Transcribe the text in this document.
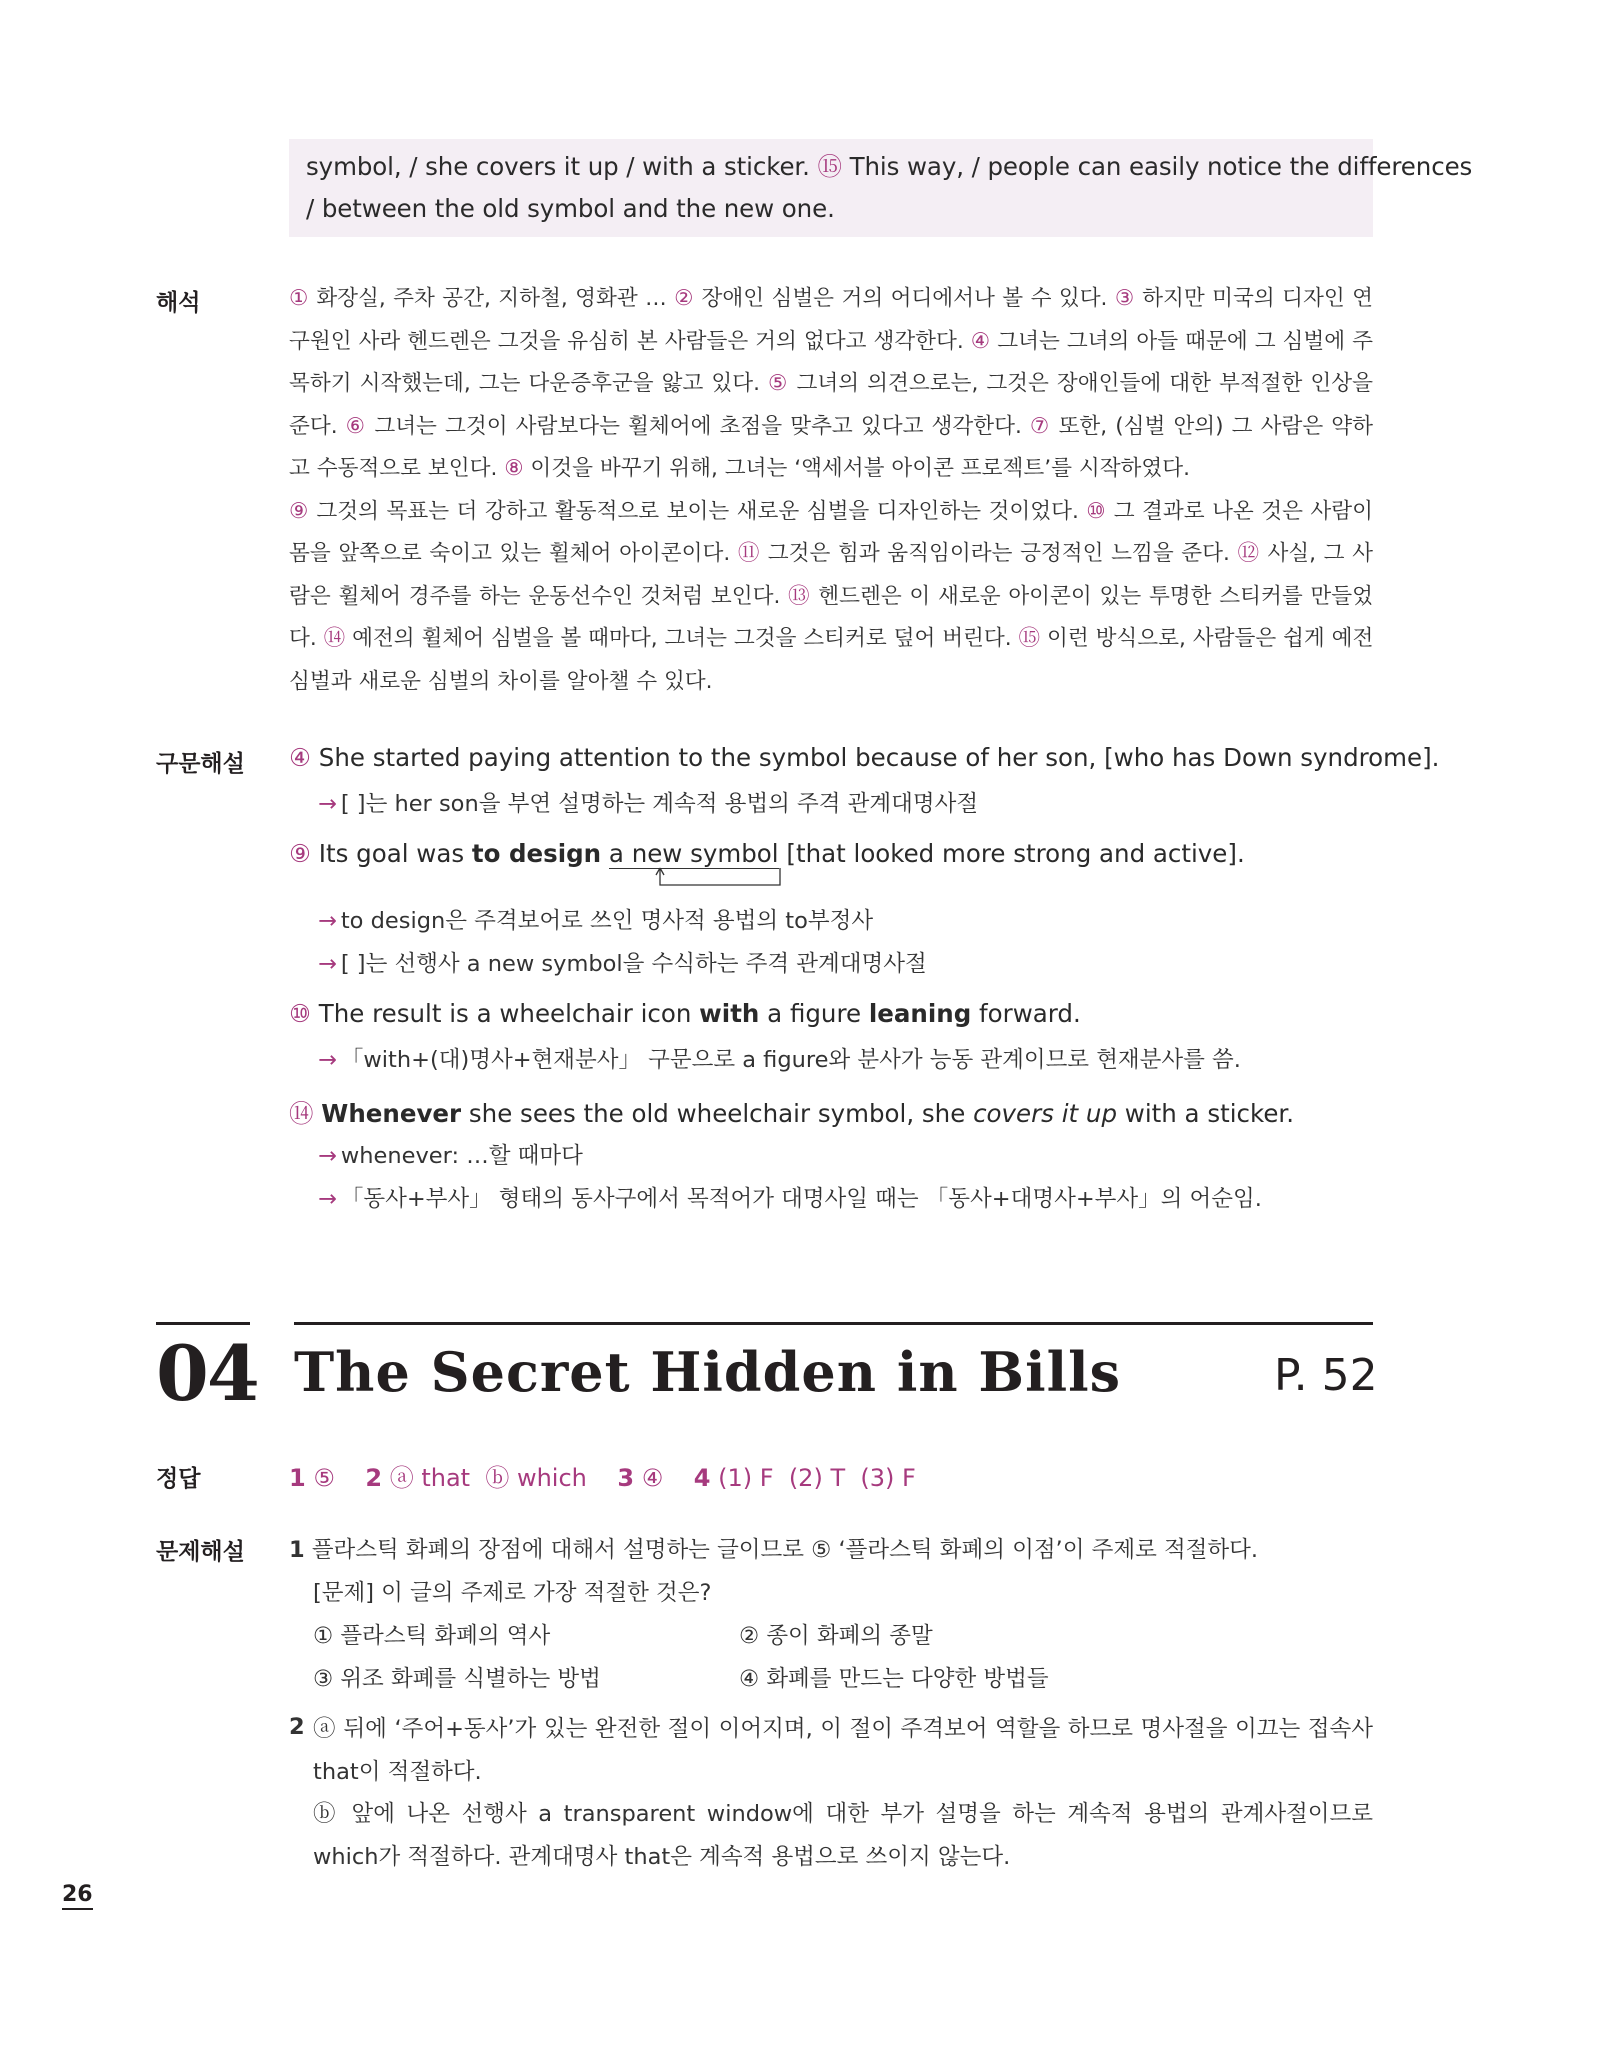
symbol, / she covers it up / with a sticker. ⑮ This way, / people can easily notice the differences
/ between the old symbol and the new one.
해석	① 화장실, 주차 공간, 지하철, 영화관 … ② 장애인 심벌은 거의 어디에서나 볼 수 있다. ③ 하지만 미국의 디자인 연
구원인 사라 헨드렌은 그것을 유심히 본 사람들은 거의 없다고 생각한다. ④ 그녀는 그녀의 아들 때문에 그 심벌에 주
목하기 시작했는데, 그는 다운증후군을 앓고 있다. ⑤ 그녀의 의견으로는, 그것은 장애인들에 대한 부적절한 인상을
준다. ⑥ 그녀는 그것이 사람보다는 휠체어에 초점을 맞추고 있다고 생각한다. ⑦ 또한, (심벌 안의) 그 사람은 약하
고 수동적으로 보인다. ⑧ 이것을 바꾸기 위해, 그녀는 ‘액세서블 아이콘 프로젝트’를 시작하였다.
⑨ 그것의 목표는 더 강하고 활동적으로 보이는 새로운 심벌을 디자인하는 것이었다. ⑩ 그 결과로 나온 것은 사람이
몸을 앞쪽으로 숙이고 있는 휠체어 아이콘이다. ⑪ 그것은 힘과 움직임이라는 긍정적인 느낌을 준다. ⑫ 사실, 그 사
람은 휠체어 경주를 하는 운동선수인 것처럼 보인다. ⑬ 헨드렌은 이 새로운 아이콘이 있는 투명한 스티커를 만들었
다. ⑭ 예전의 휠체어 심벌을 볼 때마다, 그녀는 그것을 스티커로 덮어 버린다. ⑮ 이런 방식으로, 사람들은 쉽게 예전
심벌과 새로운 심벌의 차이를 알아챌 수 있다.
구문해설 ④ She started paying attention to the symbol because of her son, [who has Down syndrome].
→ [ ]는 her son을 부연 설명하는 계속적 용법의 주격 관계대명사절
⑨ Its goal was to design a new symbol [that looked more strong and active].
→ to design은 주격보어로 쓰인 명사적 용법의 to부정사
→ [ ]는 선행사 a new symbol을 수식하는 주격 관계대명사절
⑩ The result is a wheelchair icon with a figure leaning forward.
→ 「with+(대)명사+현재분사」 구문으로 a figure와 분사가 능동 관계이므로 현재분사를 씀.
⑭ Whenever she sees the old wheelchair symbol, she covers it up with a sticker.
→ whenever: …할 때마다
→ 「동사+부사」 형태의 동사구에서 목적어가 대명사일 때는 「동사+대명사+부사」의 어순임.
04 The Secret Hidden in Bills	P. 52
정답	1 ⑤ 2 ⓐ that  ⓑ which 3 ④ 4 (1) F  (2) T  (3) F
문제해설 1 플라스틱 화폐의 장점에 대해서 설명하는 글이므로 ⑤ ‘플라스틱 화폐의 이점’이 주제로 적절하다.
[문제] 이 글의 주제로 가장 적절한 것은?
① 플라스틱 화폐의 역사	② 종이 화폐의 종말
③ 위조 화폐를 식별하는 방법	④ 화폐를 만드는 다양한 방법들
2 ⓐ 뒤에 ‘주어+동사’가 있는 완전한 절이 이어지며, 이 절이 주격보어 역할을 하므로 명사절을 이끄는 접속사
that이 적절하다.
ⓑ 앞에 나온 선행사 a transparent window에 대한 부가 설명을 하는 계속적 용법의 관계사절이므로
which가 적절하다. 관계대명사 that은 계속적 용법으로 쓰이지 않는다.
26
